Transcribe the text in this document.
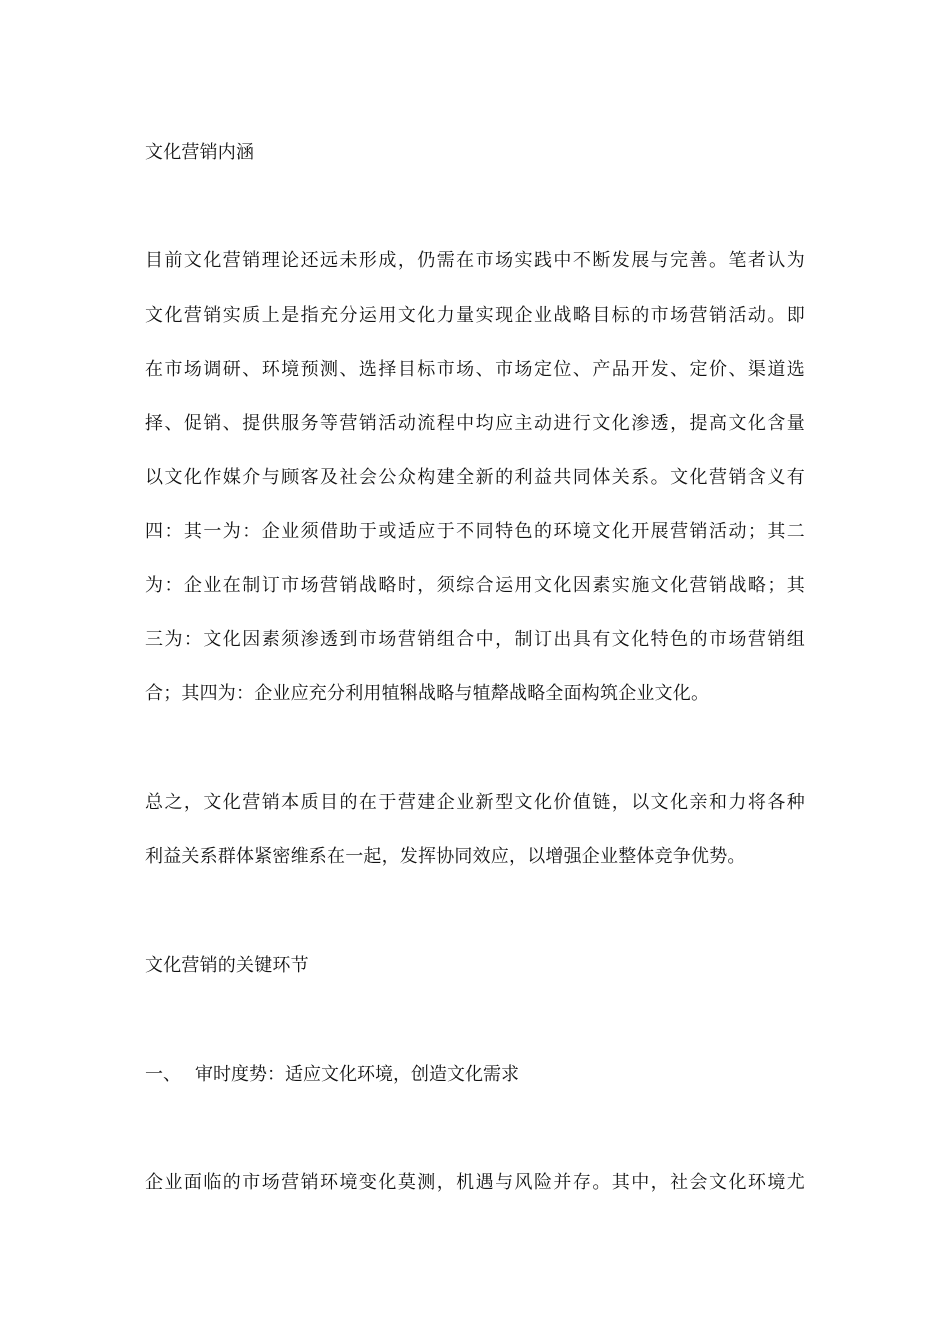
文化营销内涵
目前文化营销理论还远未形成，仍需在市场实践中不断发展与完善。笔者认为
文化营销实质上是指充分运用文化力量实现企业战略目标的市场营销活动。即
在市场调研、环境预测、选择目标市场、市场定位、产品开发、定价、渠道选
择、促销、提供服务等营销活动流程中均应主动进行文化渗透，提高文化含量
以文化作媒介与顾客及社会公众构建全新的利益共同体关系。文化营销含义有
四：其一为：企业须借助于或适应于不同特色的环境文化开展营销活动；其二
为：企业在制订市场营销战略时，须综合运用文化因素实施文化营销战略；其
三为：文化因素须渗透到市场营销组合中，制订出具有文化特色的市场营销组
合；其四为：企业应充分利用犆犐战略与犆犛战略全面构筑企业文化。
总之，文化营销本质目的在于营建企业新型文化价值链，以文化亲和力将各种
利益关系群体紧密维系在一起，发挥协同效应，以增强企业整体竞争优势。
文化营销的关键环节
一、 审时度势：适应文化环境，创造文化需求
企业面临的市场营销环境变化莫测，机遇与风险并存。其中，社会文化环境尤
